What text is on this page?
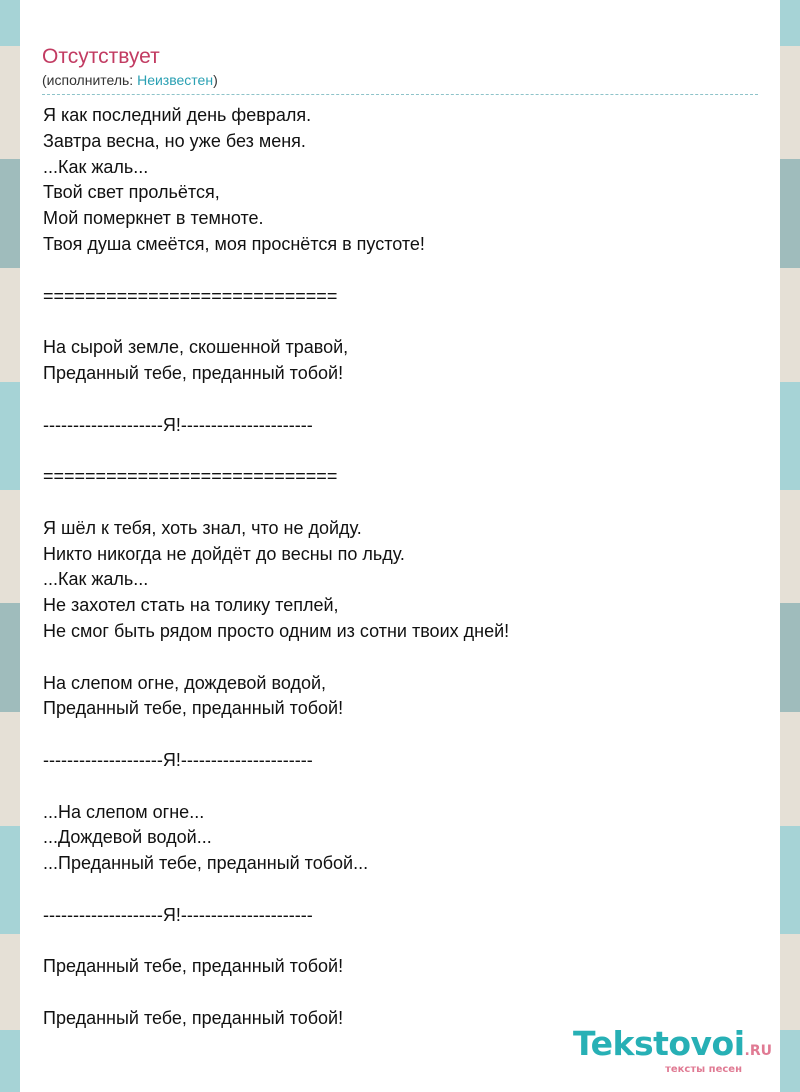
Отсутствует
(исполнитель: Неизвестен)
Я как последний день февраля.
Завтра весна, но уже без меня.
...Как жаль...
Твой свет прольётся,
Мой померкнет в темноте.
Твоя душа смеётся, моя проснётся в пустоте!
============================
На сырой земле, скошенной травой,
Преданный тебе, преданный тобой!
--------------------Я!----------------------
============================
Я шёл к тебя, хоть знал, что не дойду.
Никто никогда не дойдёт до весны по льду.
...Как жаль...
Не захотел стать на толику теплей,
Не смог быть рядом просто одним из сотни твоих дней!
На слепом огне, дождевой водой,
Преданный тебе, преданный тобой!
--------------------Я!----------------------
...На слепом огне...
...Дождевой водой...
...Преданный тебе, преданный тобой...
--------------------Я!----------------------
Преданный тебе, преданный тобой!
Преданный тебе, преданный тобой!
Tekstovoi.RU
тексты песен
